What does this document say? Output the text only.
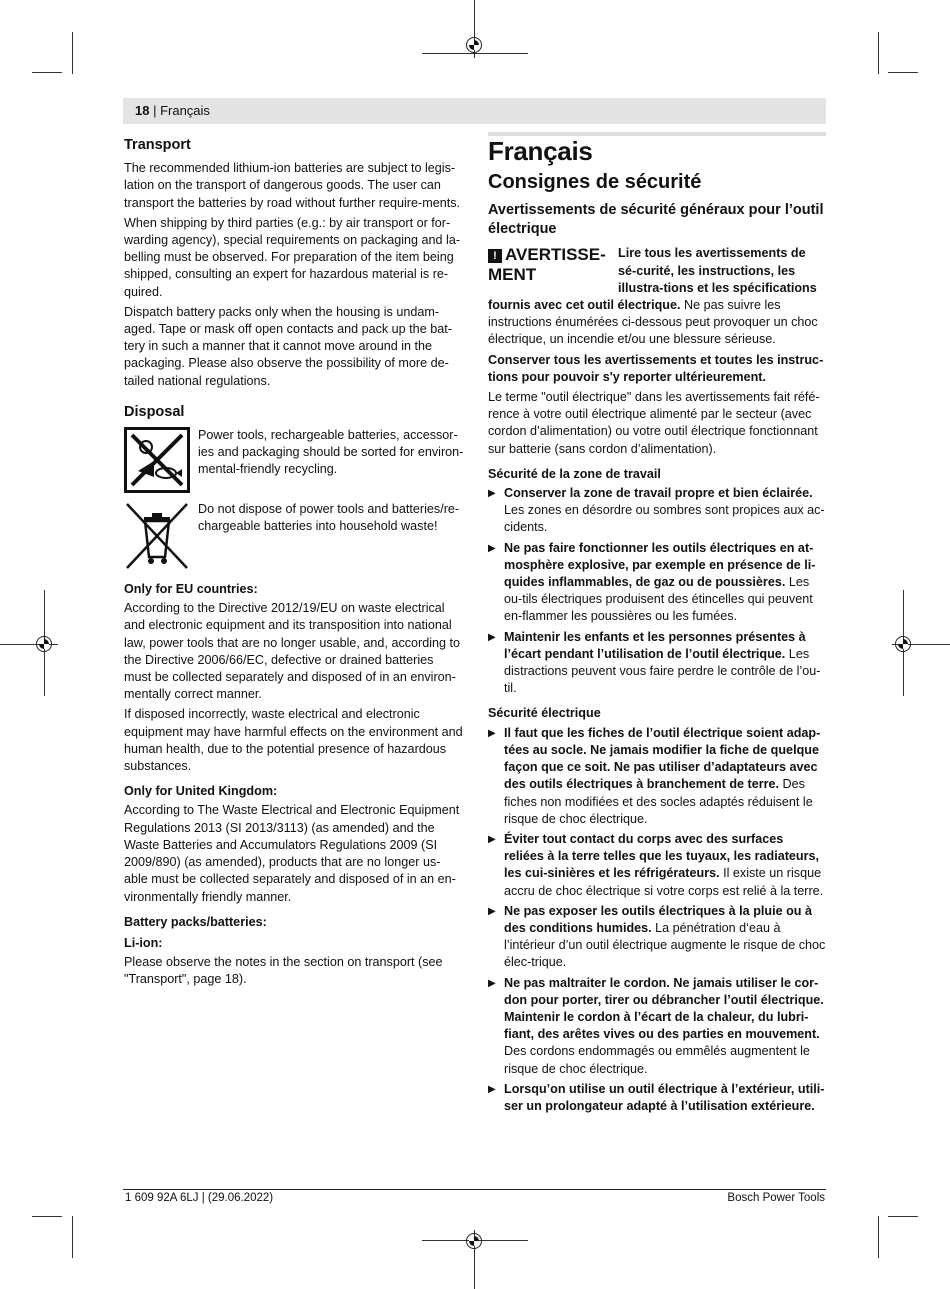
18 | Français
Transport

The recommended lithium-ion batteries are subject to legis-lation on the transport of dangerous goods. The user can transport the batteries by road without further require-ments.

When shipping by third parties (e.g.: by air transport or for-warding agency), special requirements on packaging and la-belling must be observed. For preparation of the item being shipped, consulting an expert for hazardous material is re-quired.

Dispatch battery packs only when the housing is undam-aged. Tape or mask off open contacts and pack up the bat-tery in such a manner that it cannot move around in the packaging. Please also observe the possibility of more de-tailed national regulations.

Disposal

Power tools, rechargeable batteries, accessor-ies and packaging should be sorted for environ-mental-friendly recycling.

Do not dispose of power tools and batteries/re-chargeable batteries into household waste!

Only for EU countries:

According to the Directive 2012/19/EU on waste electrical and electronic equipment and its transposition into national law, power tools that are no longer usable, and, according to the Directive 2006/66/EC, defective or drained batteries must be collected separately and disposed of in an environ-mentally correct manner.

If disposed incorrectly, waste electrical and electronic equipment may have harmful effects on the environment and human health, due to the potential presence of hazardous substances.

Only for United Kingdom:

According to The Waste Electrical and Electronic Equipment Regulations 2013 (SI 2013/3113) (as amended) and the Waste Batteries and Accumulators Regulations 2009 (SI 2009/890) (as amended), products that are no longer us-able must be collected separately and disposed of in an en-vironmentally friendly manner.

Battery packs/batteries:
Li-ion:

Please observe the notes in the section on transport (see "Transport", page 18).

Français
Consignes de sécurité
Avertissements de sécurité généraux pour l’outil électrique
! AVERTISSE-
MENT

Lire tous les avertissements de sé-curité, les instructions, les illustra-tions et les spécifications fournis avec cet outil électrique. Ne pas suivre les instructions énumérées ci-dessous peut provoquer un choc électrique, un incendie et/ou une blessure sérieuse.

Conserver tous les avertissements et toutes les instruc-tions pour pouvoir s'y reporter ultérieurement.

Le terme "outil électrique" dans les avertissements fait réfé-rence à votre outil électrique alimenté par le secteur (avec cordon d’alimentation) ou votre outil électrique fonctionnant sur batterie (sans cordon d’alimentation).

Sécurité de la zone de travail

▶ Conserver la zone de travail propre et bien éclairée. Les zones en désordre ou sombres sont propices aux ac-cidents.

▶ Ne pas faire fonctionner les outils électriques en at-mosphère explosive, par exemple en présence de li-quides inflammables, de gaz ou de poussières. Les ou-tils électriques produisent des étincelles qui peuvent en-flammer les poussières ou les fumées.

▶ Maintenir les enfants et les personnes présentes à l’écart pendant l’utilisation de l’outil électrique. Les distractions peuvent vous faire perdre le contrôle de l’ou-til.

Sécurité électrique

▶ Il faut que les fiches de l’outil électrique soient adap-tées au socle. Ne jamais modifier la fiche de quelque façon que ce soit. Ne pas utiliser d’adaptateurs avec des outils électriques à branchement de terre. Des fiches non modifiées et des socles adaptés réduisent le risque de choc électrique.

▶ Éviter tout contact du corps avec des surfaces reliées à la terre telles que les tuyaux, les radiateurs, les cui-sinières et les réfrigérateurs. Il existe un risque accru de choc électrique si votre corps est relié à la terre.

▶ Ne pas exposer les outils électriques à la pluie ou à des conditions humides. La pénétration d‘eau à l’intérieur d’un outil électrique augmente le risque de choc élec-trique.

▶ Ne pas maltraiter le cordon. Ne jamais utiliser le cor-don pour porter, tirer ou débrancher l’outil électrique. Maintenir le cordon à l’écart de la chaleur, du lubri-fiant, des arêtes vives ou des parties en mouvement. Des cordons endommagés ou emmêlés augmentent le risque de choc électrique.

▶ Lorsqu’on utilise un outil électrique à l’extérieur, utili-ser un prolongateur adapté à l’utilisation extérieure.

1 609 92A 6LJ | (29.06.2022)	Bosch Power Tools
